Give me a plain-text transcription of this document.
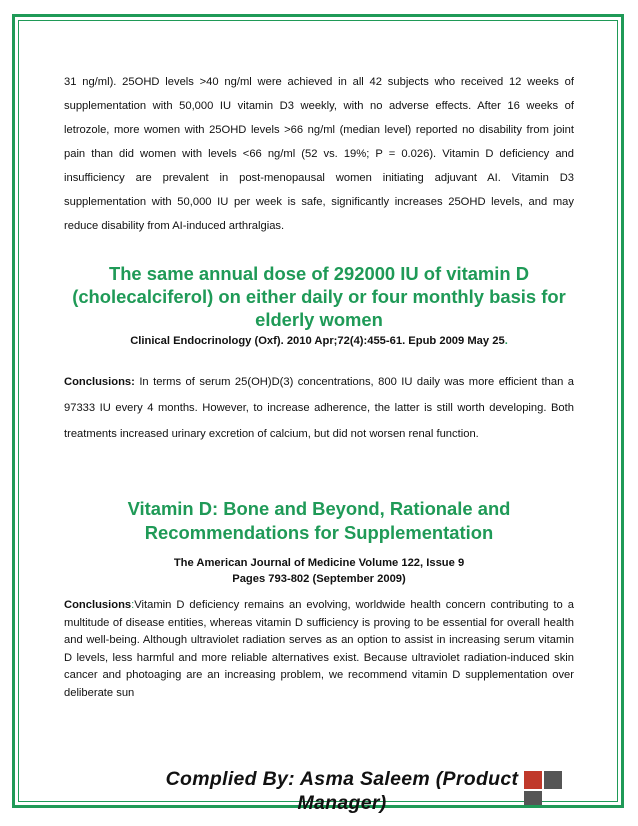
31 ng/ml). 25OHD levels >40 ng/ml were achieved in all 42 subjects who received 12 weeks of supplementation with 50,000 IU vitamin D3 weekly, with no adverse effects. After 16 weeks of letrozole, more women with 25OHD levels >66 ng/ml (median level) reported no disability from joint pain than did women with levels <66 ng/ml (52 vs. 19%; P = 0.026). Vitamin D deficiency and insufficiency are prevalent in post-menopausal women initiating adjuvant AI. Vitamin D3 supplementation with 50,000 IU per week is safe, significantly increases 25OHD levels, and may reduce disability from AI-induced arthralgias.

The same annual dose of 292000 IU of vitamin D (cholecalciferol) on either daily or four monthly basis for elderly women
Clinical Endocrinology (Oxf). 2010 Apr;72(4):455-61. Epub 2009 May 25.

Conclusions: In terms of serum 25(OH)D(3) concentrations, 800 IU daily was more efficient than a 97333 IU every 4 months. However, to increase adherence, the latter is still worth developing. Both treatments increased urinary excretion of calcium, but did not worsen renal function.

Vitamin D: Bone and Beyond, Rationale and Recommendations for Supplementation
The American Journal of Medicine Volume 122, Issue 9
Pages 793-802 (September 2009)

Conclusions:Vitamin D deficiency remains an evolving, worldwide health concern contributing to a multitude of disease entities, whereas vitamin D sufficiency is proving to be essential for overall health and well-being. Although ultraviolet radiation serves as an option to assist in increasing serum vitamin D levels, less harmful and more reliable alternatives exist. Because ultraviolet radiation-induced skin cancer and photoaging are an increasing problem, we recommend vitamin D supplementation over deliberate sun

Complied By: Asma Saleem (Product Manager)
